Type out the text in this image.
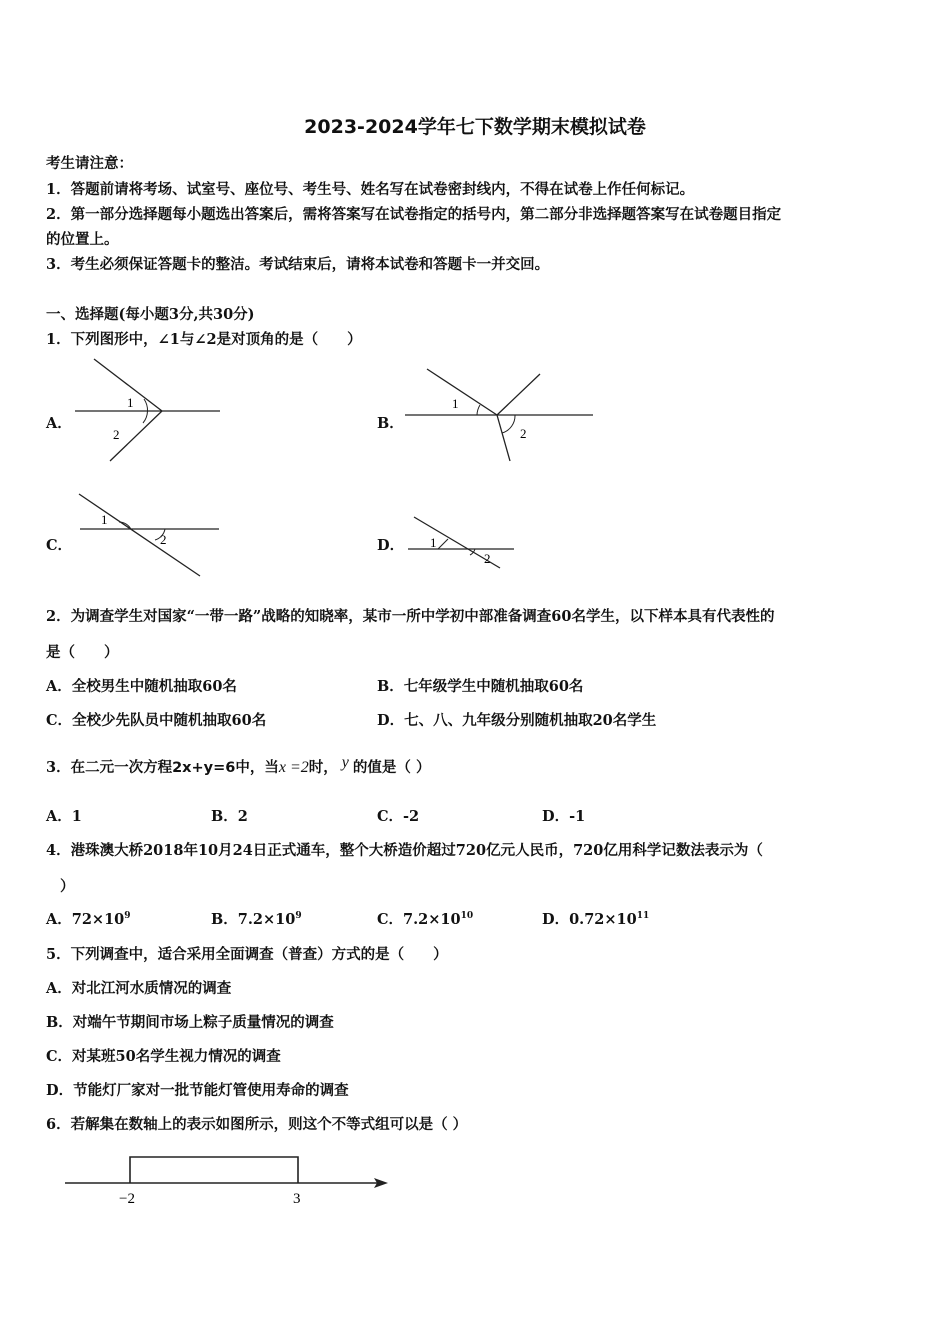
2023-2024学年七下数学期末模拟试卷
考生请注意：
1．答题前请将考场、试室号、座位号、考生号、姓名写在试卷密封线内，不得在试卷上作任何标记。
2．第一部分选择题每小题选出答案后，需将答案写在试卷指定的括号内，第二部分非选择题答案写在试卷题目指定
的位置上。
3．考生必须保证答题卡的整洁。考试结束后，请将本试卷和答题卡一并交回。
一、选择题(每小题3分,共30分)
1．下列图形中，∠1与∠2是对顶角的是（　　）
A．
1
2
B．
1
2
C．
1
2	D． 1
2
2．为调查学生对国家“一带一路”战略的知晓率，某市一所中学初中部准备调查60名学生，以下样本具有代表性的
是（　　）
A．全校男生中随机抽取60名	B．七年级学生中随机抽取60名
C．全校少先队员中随机抽取60名	D．七、八、九年级分别随机抽取20名学生
3．在二元一次方程2x+y=6中，当x =2时， y 的值是（ ）
A．1	B．2	C．-2	D．-1
4．港珠澳大桥2018年10月24日正式通车，整个大桥造价超过720亿元人民币，720亿用科学记数法表示为（
）
A．$72\times 10^9$	B．$7.2\times 10^9$	C．$7.2\times 10^{10}$	D．$0.72\times 10^{11}$
5．下列调查中，适合采用全面调查（普查）方式的是（　　）
A．对北江河水质情况的调查
B．对端午节期间市场上粽子质量情况的调查
C．对某班50名学生视力情况的调查
D．节能灯厂家对一批节能灯管使用寿命的调查
6．若解集在数轴上的表示如图所示，则这个不等式组可以是（ ）
−2	3
